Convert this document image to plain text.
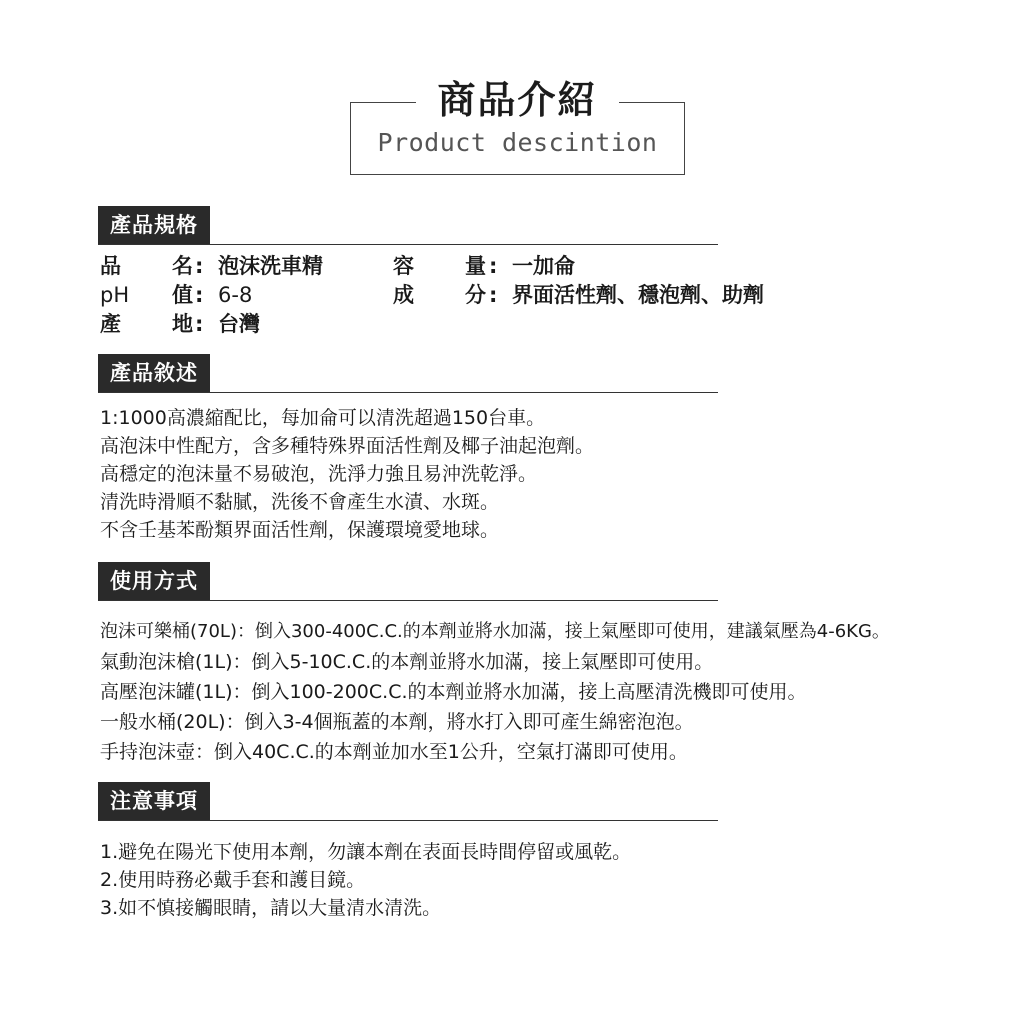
商品介紹
Product descintion
產品規格
品 名 : 泡沫洗車精
pH 值 : 6-8
產 地 : 台灣
容 量 : 一加侖
成 分 : 界面活性劑、穩泡劑、助劑
產品敘述
1:1000高濃縮配比，每加侖可以清洗超過150台車。
高泡沫中性配方，含多種特殊界面活性劑及椰子油起泡劑。
高穩定的泡沫量不易破泡，洗淨力強且易沖洗乾淨。
清洗時滑順不黏膩，洗後不會產生水漬、水斑。
不含壬基苯酚類界面活性劑，保護環境愛地球。
使用方式
泡沫可樂桶(70L)：倒入300-400C.C.的本劑並將水加滿，接上氣壓即可使用，建議氣壓為4-6KG。
氣動泡沫槍(1L)：倒入5-10C.C.的本劑並將水加滿，接上氣壓即可使用。
高壓泡沫罐(1L)：倒入100-200C.C.的本劑並將水加滿，接上高壓清洗機即可使用。
一般水桶(20L)：倒入3-4個瓶蓋的本劑，將水打入即可產生綿密泡泡。
手持泡沫壺：倒入40C.C.的本劑並加水至1公升，空氣打滿即可使用。
注意事項
1.避免在陽光下使用本劑，勿讓本劑在表面長時間停留或風乾。
2.使用時務必戴手套和護目鏡。
3.如不慎接觸眼睛，請以大量清水清洗。
